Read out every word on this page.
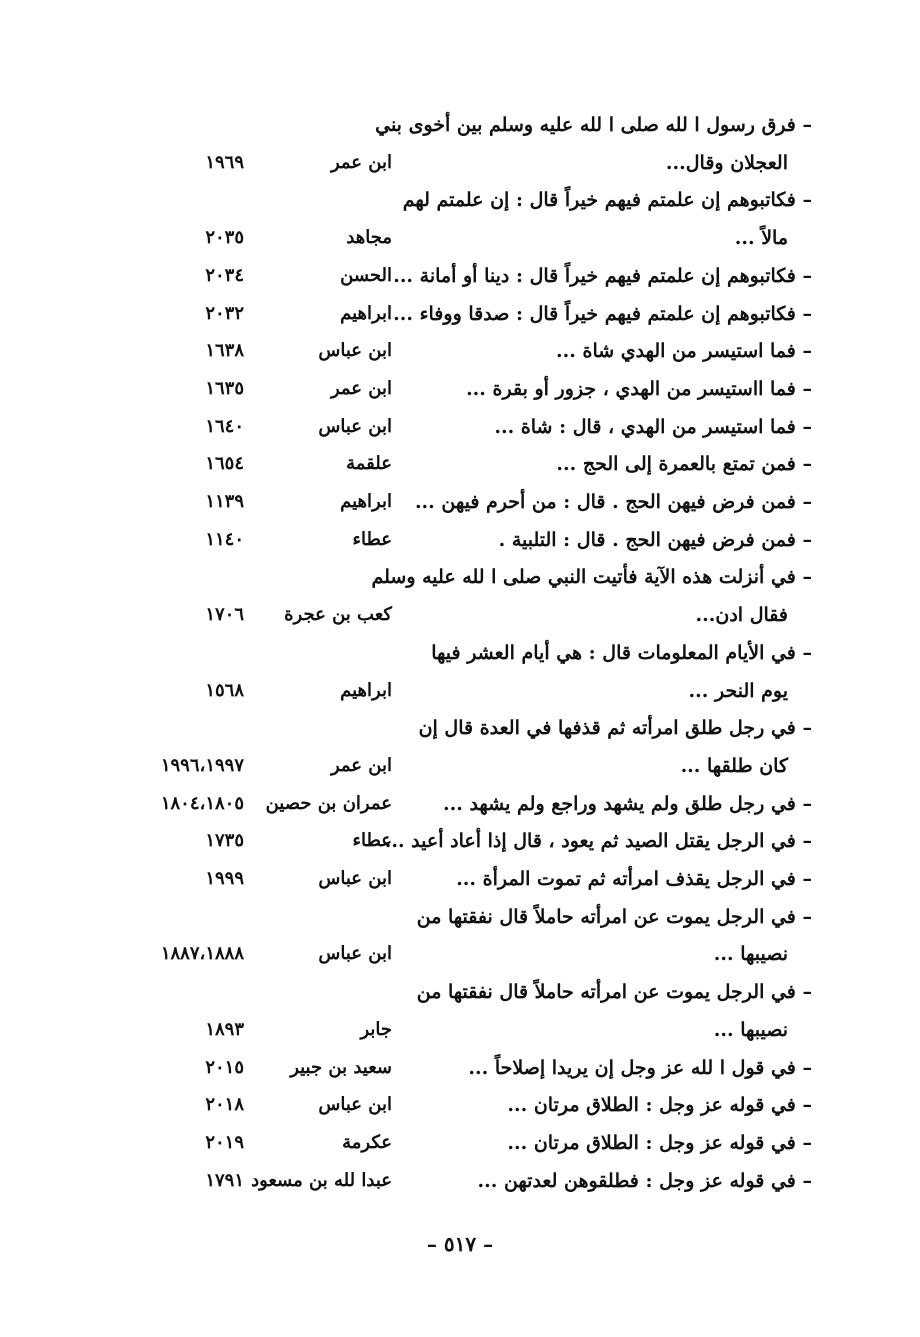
– فرق رسول ا لله صلى ا لله عليه وسلم بين أخوى بني
العجلان وقال...
ابن عمر
١٩٦٩
– فكاتبوهم إن علمتم فيهم خيراً قال : إن علمتم لهم
مالاً ...
مجاهد
٢٠٣٥
– فكاتبوهم إن علمتم فيهم خيراً قال : دينا أو أمانة ...
الحسن
٢٠٣٤
– فكاتبوهم إن علمتم فيهم خيراً قال : صدقا ووفاء ...
ابراهيم
٢٠٣٢
– فما استيسر من الهدي شاة ...
ابن عباس
١٦٣٨
– فما ااستيسر من الهدي ، جزور أو بقرة ...
ابن عمر
١٦٣٥
– فما استيسر من الهدي ، قال : شاة ...
ابن عباس
١٦٤٠
– فمن تمتع بالعمرة إلى الحج ...
علقمة
١٦٥٤
– فمن فرض فيهن الحج . قال : من أحرم فيهن ...
ابراهيم
١١٣٩
– فمن فرض فيهن الحج . قال : التلبية .
عطاء
١١٤٠
– في أنزلت هذه الآية فأتيت النبي صلى ا لله عليه وسلم
فقال ادن...
كعب بن عجرة
١٧٠٦
– في الأيام المعلومات قال : هي أيام العشر فيها
يوم النحر ...
ابراهيم
١٥٦٨
– في رجل طلق امرأته ثم قذفها في العدة قال إن
كان طلقها ...
ابن عمر
١٩٩٦،١٩٩٧
– في رجل طلق ولم يشهد وراجع ولم يشهد ...
عمران بن حصين
١٨٠٤،١٨٠٥
– في الرجل يقتل الصيد ثم يعود ، قال إذا أعاد أعيد ...
عطاء
١٧٣٥
– في الرجل يقذف امرأته ثم تموت المرأة ...
ابن عباس
١٩٩٩
– في الرجل يموت عن امرأته حاملاً قال نفقتها من
نصيبها ...
ابن عباس
١٨٨٧،١٨٨٨
– في الرجل يموت عن امرأته حاملاً قال نفقتها من
نصيبها ...
جابر
١٨٩٣
– في قول ا لله عز وجل إن يريدا إصلاحاً ...
سعيد بن جبير
٢٠١٥
– في قوله عز وجل : الطلاق مرتان ...
ابن عباس
٢٠١٨
– في قوله عز وجل : الطلاق مرتان ...
عكرمة
٢٠١٩
– في قوله عز وجل : فطلقوهن لعدتهن ...
عبدا لله بن مسعود
١٧٩١
– ٥١٧ –
